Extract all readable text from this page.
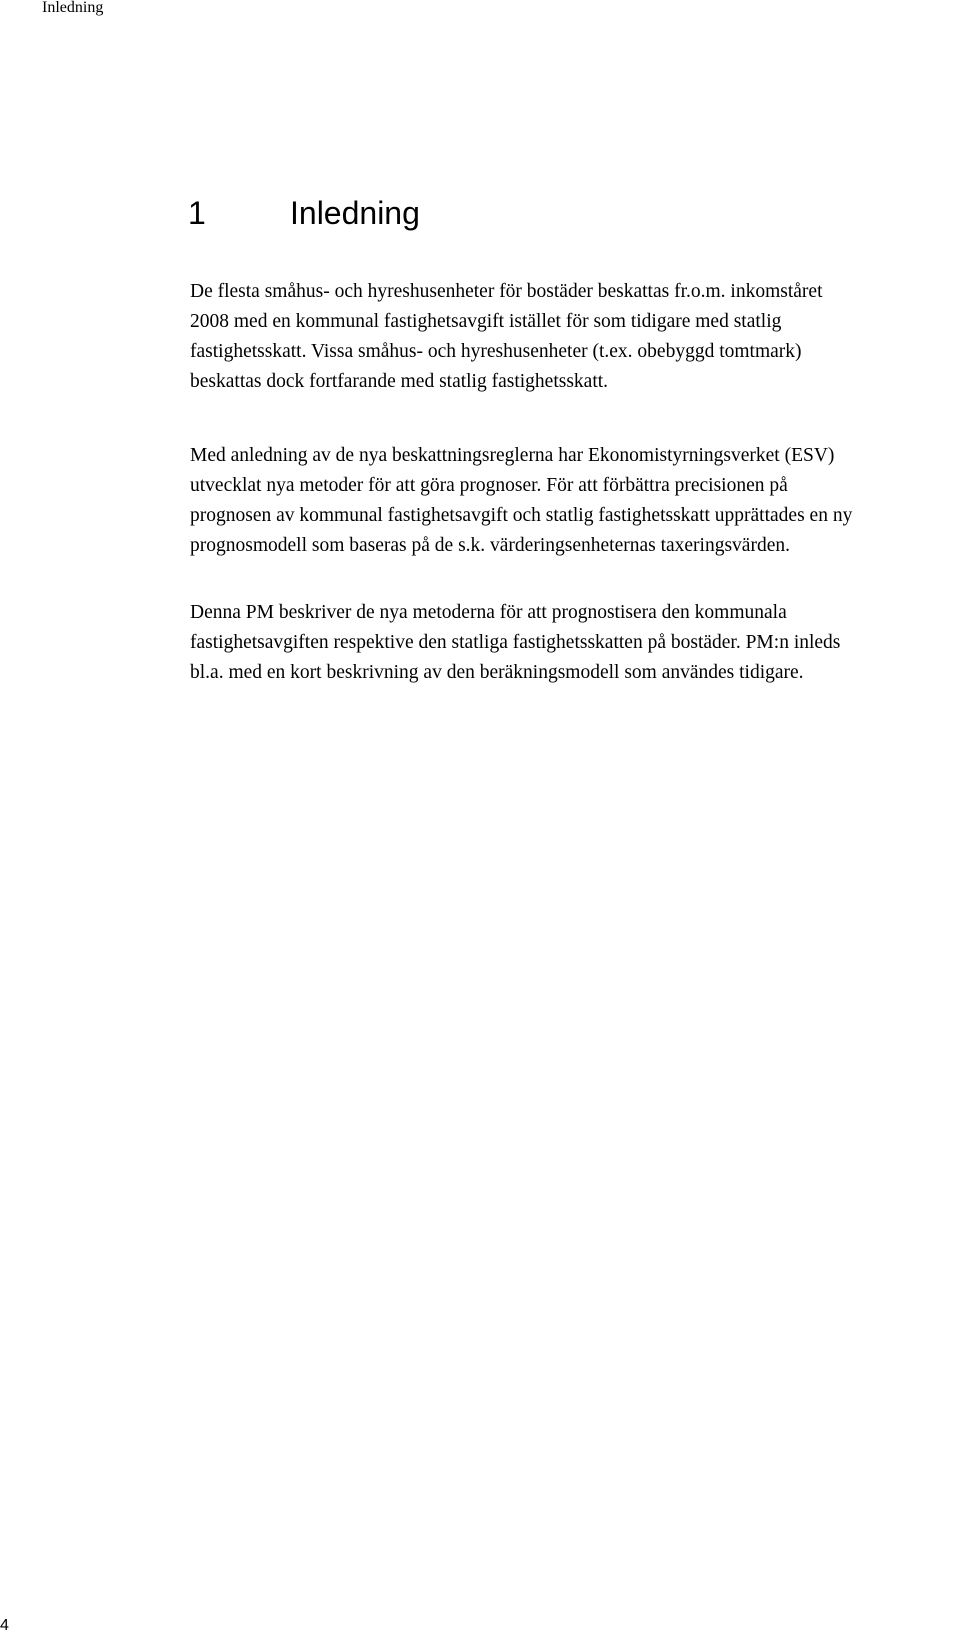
Inledning
1	Inledning

De flesta småhus- och hyreshusenheter för bostäder beskattas fr.o.m. inkomståret
2008 med en kommunal fastighetsavgift istället för som tidigare med statlig
fastighetsskatt. Vissa småhus- och hyreshusenheter (t.ex. obebyggd tomtmark)
beskattas dock fortfarande med statlig fastighetsskatt.

Med anledning av de nya beskattningsreglerna har Ekonomistyrningsverket (ESV)
utvecklat nya metoder för att göra prognoser. För att förbättra precisionen på
prognosen av kommunal fastighetsavgift och statlig fastighetsskatt upprättades en ny
prognosmodell som baseras på de s.k. värderingsenheternas taxeringsvärden.

Denna PM beskriver de nya metoderna för att prognostisera den kommunala
fastighetsavgiften respektive den statliga fastighetsskatten på bostäder. PM:n inleds
bl.a. med en kort beskrivning av den beräkningsmodell som användes tidigare.

4
